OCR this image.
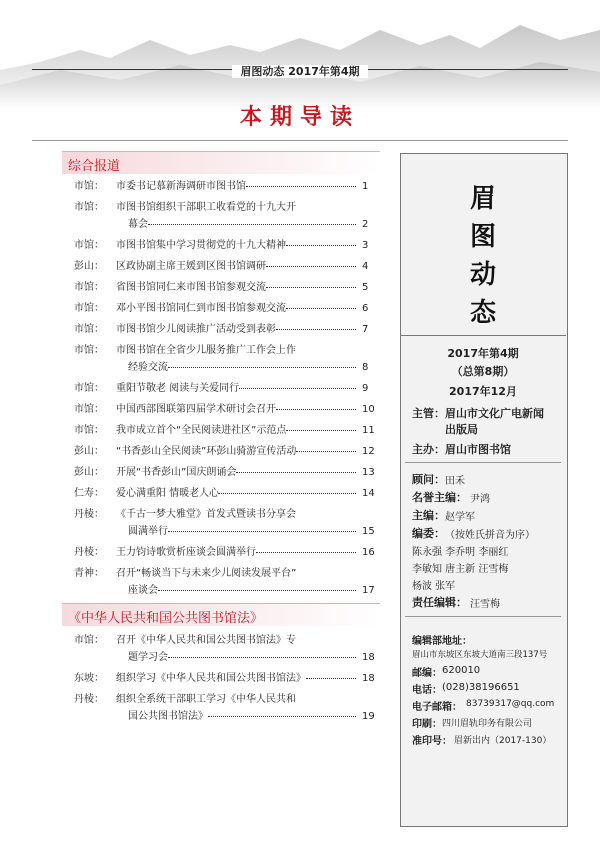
眉图动态 2017年第4期
本期导读
综合报道
市馆： 市委书记慕新海调研市图书馆	1
市馆： 市图书馆组织干部职工收看党的十九大开
幕会	2
市馆： 市图书馆集中学习贯彻党的十九大精神	3
彭山： 区政协副主席王媛到区图书馆调研	4
市馆： 省图书馆同仁来市图书馆参观交流	5
市馆： 邓小平图书馆同仁到市图书馆参观交流	6
市馆： 市图书馆少儿阅读推广活动受到表彰	7
市馆： 市图书馆在全省少儿服务推广工作会上作
经验交流	8
市馆： 重阳节敬老 阅读与关爱同行	9
市馆： 中国西部图联第四届学术研讨会召开	10
市馆： 我市成立首个“全民阅读进社区”示范点	11
彭山： “书香彭山全民阅读”环彭山骑游宣传活动	12
彭山： 开展“书香彭山”国庆朗诵会	13
仁寿： 爱心满重阳 情暖老人心	14
丹棱： 《千古一梦大雅堂》首发式暨读书分享会
圆满举行	15
丹棱： 王力钧诗歌赏析座谈会圆满举行	16
青神： 召开“畅谈当下与未来少儿阅读发展平台”
座谈会	17
《中华人民共和国公共图书馆法》
市馆： 召开《中华人民共和国公共图书馆法》专
题学习会	18
东坡： 组织学习《中华人民共和国公共图书馆法》	18
丹棱： 组织全系统干部职工学习《中华人民共和
国公共图书馆法》	19
眉
图
动
态
2017年第4期
（总第8期）
2017年12月
主管： 眉山市文化广电新闻
出版局
主办： 眉山市图书馆
顾问： 田禾
名誉主编： 尹鸿
主编： 赵学军
编委： （按姓氏拼音为序）
陈永强 李乔明 李丽红
李敏知 唐主新 汪雪梅
杨波 张军
责任编辑： 汪雪梅
编辑部地址：
眉山市东坡区东坡大道南三段137号
邮编： 620010
电话： (028)38196651
电子邮箱： 83739317@qq.com
印刷： 四川眉轨印务有限公司
准印号： 眉新出内（2017-130）
